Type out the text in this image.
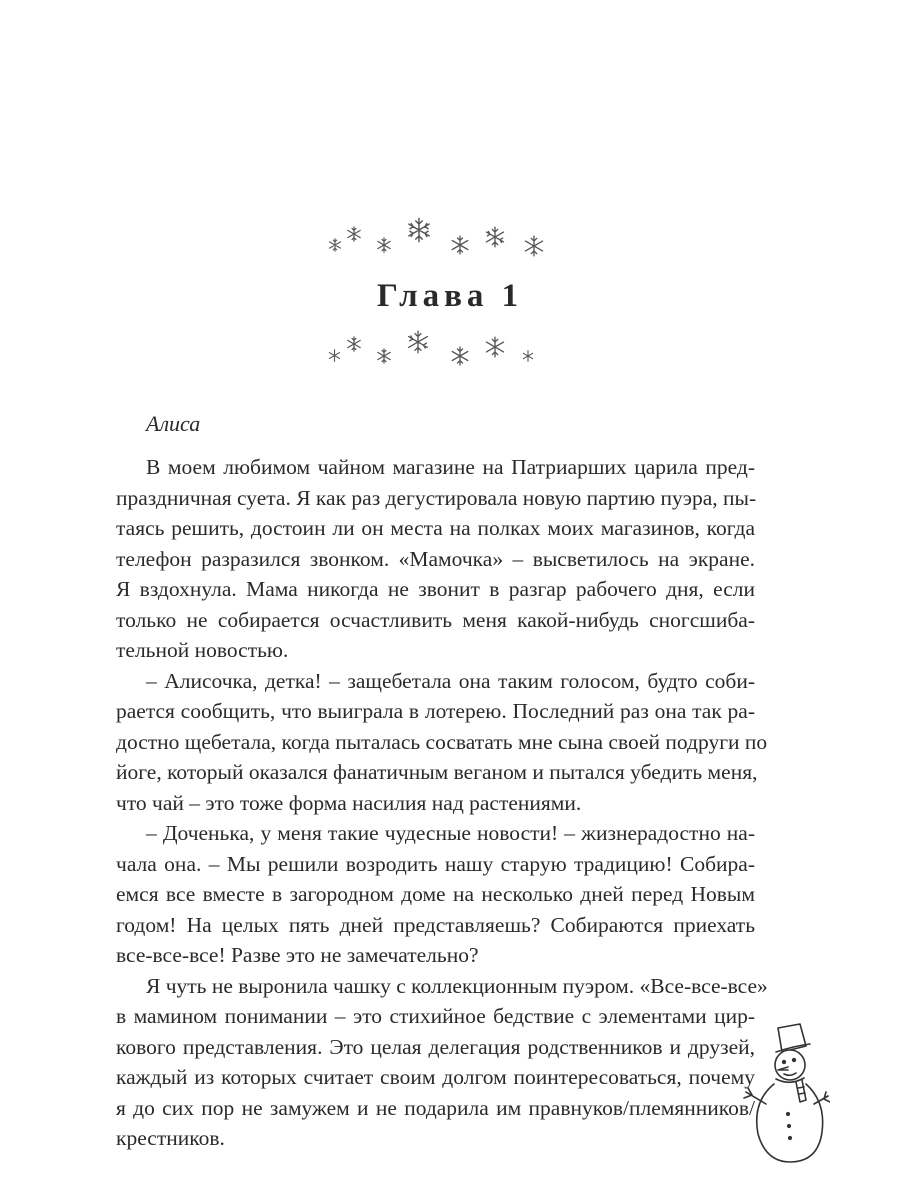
Глава 1
Алиса

В моем любимом чайном магазине на Патриарших царила пред-
праздничная суета. Я как раз дегустировала новую партию пуэра, пы-
таясь решить, достоин ли он места на полках моих магазинов, когда
телефон разразился звонком. «Мамочка» – высветилось на экране.
Я вздохнула. Мама никогда не звонит в разгар рабочего дня, если
только не собирается осчастливить меня какой-нибудь сногсшиба-
тельной новостью.

– Алисочка, детка! – защебетала она таким голосом, будто соби-
рается сообщить, что выиграла в лотерею. Последний раз она так ра-
достно щебетала, когда пыталась сосватать мне сына своей подруги по
йоге, который оказался фанатичным веганом и пытался убедить меня,
что чай – это тоже форма насилия над растениями.

– Доченька, у меня такие чудесные новости! – жизнерадостно на-
чала она. – Мы решили возродить нашу старую традицию! Собира-
емся все вместе в загородном доме на несколько дней перед Новым
годом! На целых пять дней представляешь? Собираются приехать
все-все-все! Разве это не замечательно?

Я чуть не выронила чашку с коллекционным пуэром. «Все-все-все»
в мамином понимании – это стихийное бедствие с элементами цир-
кового представления. Это целая делегация родственников и друзей,
каждый из которых считает своим долгом поинтересоваться, почему
я до сих пор не замужем и не подарила им правнуков/племянников/
крестников.
